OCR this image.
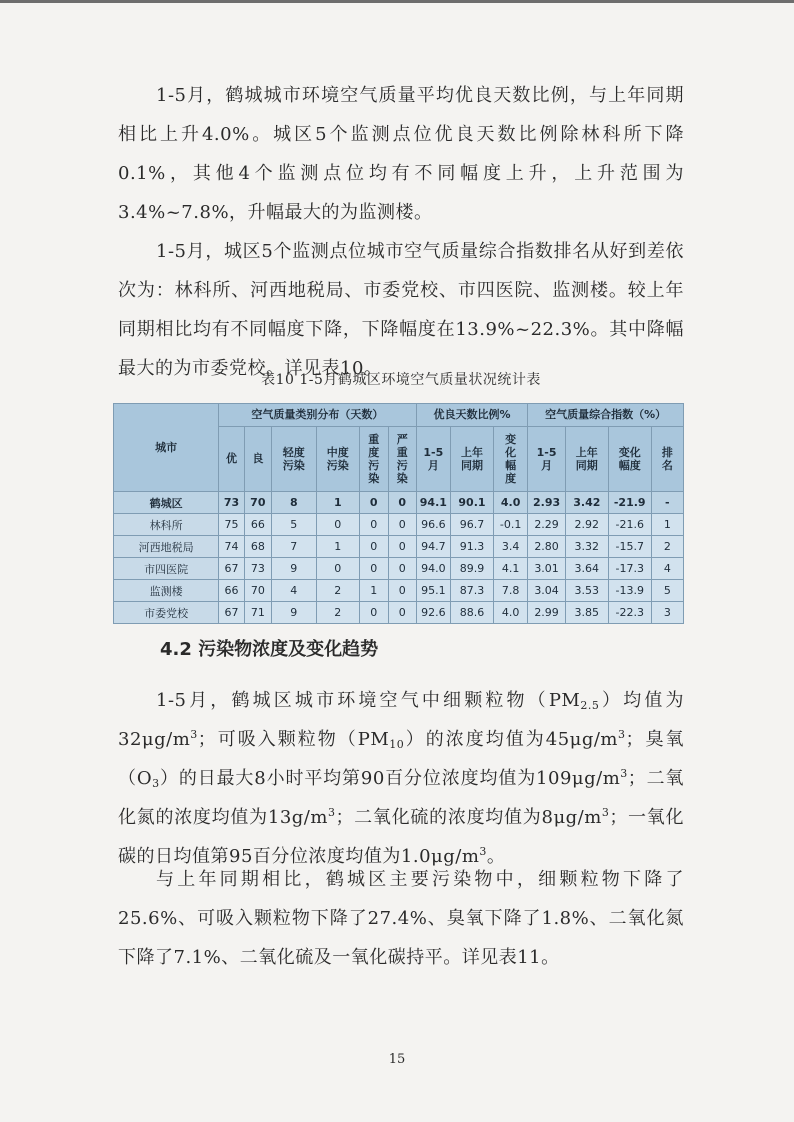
1-5月，鹤城城市环境空气质量平均优良天数比例，与上年同期相比上升4.0%。城区5个监测点位优良天数比例除林科所下降0.1%，其他4个监测点位均有不同幅度上升，上升范围为3.4%~7.8%，升幅最大的为监测楼。

1-5月，城区5个监测点位城市空气质量综合指数排名从好到差依次为：林科所、河西地税局、市委党校、市四医院、监测楼。较上年同期相比均有不同幅度下降，下降幅度在13.9%~22.3%。其中降幅最大的为市委党校。详见表10。

表10 1-5月鹤城区环境空气质量状况统计表
城市	空气质量类别分布（天数）						优良天数比例%			空气质量综合指数（%）			
	优	良	轻度污染	中度污染	重度污染	严重污染	1-5月	上年同期	变化幅度	1-5月	上年同期	变化幅度	排名
鹤城区	73	70	8	1	0	0	94.1	90.1	4.0	2.93	3.42	-21.9	-
林科所	75	66	5	0	0	0	96.6	96.7	-0.1	2.29	2.92	-21.6	1
河西地税局	74	68	7	1	0	0	94.7	91.3	3.4	2.80	3.32	-15.7	2
市四医院	67	73	9	0	0	0	94.0	89.9	4.1	3.01	3.64	-17.3	4
监测楼	66	70	4	2	1	0	95.1	87.3	7.8	3.04	3.53	-13.9	5
市委党校	67	71	9	2	0	0	92.6	88.6	4.0	2.99	3.85	-22.3	3
4.2 污染物浓度及变化趋势

1-5月，鹤城区城市环境空气中细颗粒物$(PM_{2.5})$均值为$32\mu g/m^3$；可吸入颗粒物$(PM_{10})$的浓度均值为$45\mu g/m^3$；臭氧$(O_3)$的日最大8小时平均第90百分位浓度均值为$109\mu g/m^3$；二氧化氮的浓度均值为$13g/m^3$；二氧化硫的浓度均值为$8\mu g/m^3$；一氧化碳的日均值第95百分位浓度均值为$1.0\mu g/m^3$。

与上年同期相比，鹤城区主要污染物中，细颗粒物下降了25.6%、可吸入颗粒物下降了27.4%、臭氧下降了1.8%、二氧化氮下降了7.1%、二氧化硫及一氧化碳持平。详见表11。

15
